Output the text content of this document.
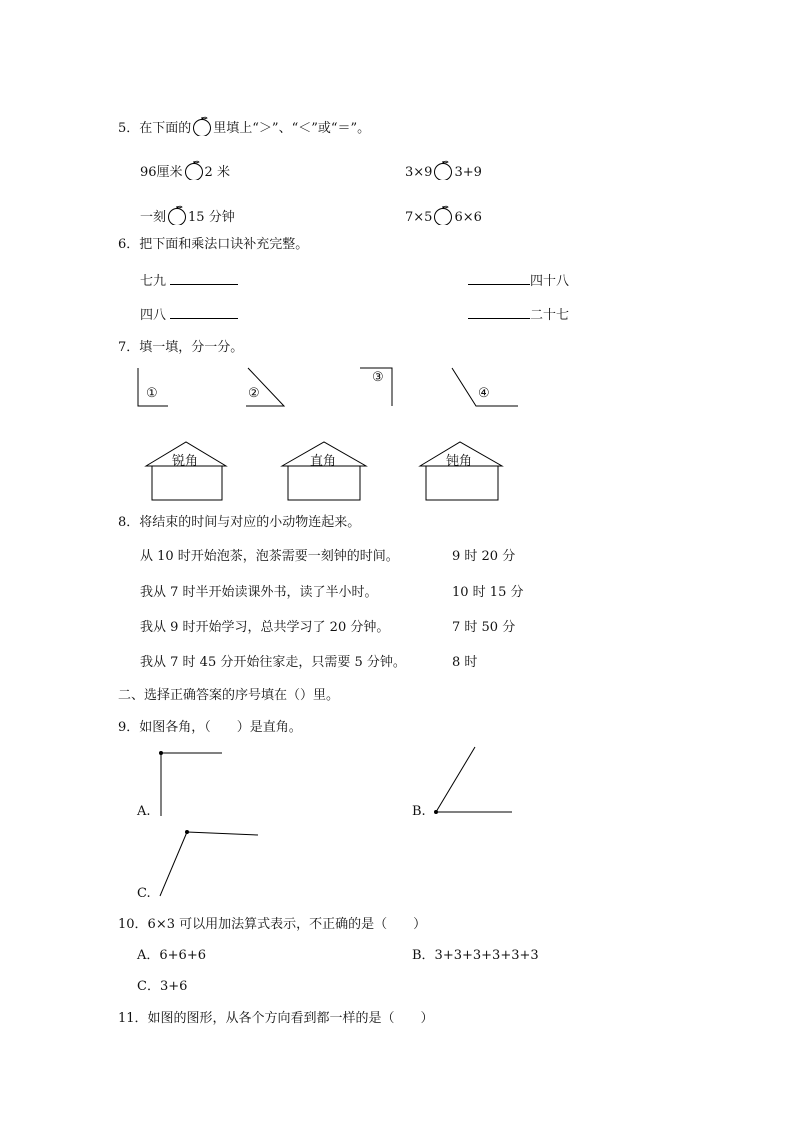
5．在下面的 里填上“＞”、“＜”或“＝”。
96厘米 2 米	3×9 3+9
一刻 15 分钟	7×5 6×6
6．把下面和乘法口诀补充完整。
七九	四十八
四八	二十七
7．填一填，分一分。
①	②
③
④
锐角	直角	钝角
8．将结束的时间与对应的小动物连起来。
从 10 时开始泡茶，泡茶需要一刻钟的时间。	9 时 20 分
我从 7 时半开始读课外书，读了半小时。	10 时 15 分
我从 9 时开始学习，总共学习了 20 分钟。	7 时 50 分
我从 7 时 45 分开始往家走，只需要 5 分钟。	8 时
二、选择正确答案的序号填在（）里。
9．如图各角，（　　）是直角。
A.	B.
C.
10．6×3 可以用加法算式表示，不正确的是（　　）
A．6+6+6	B．3+3+3+3+3+3
C．3+6
11．如图的图形，从各个方向看到都一样的是（　　）
